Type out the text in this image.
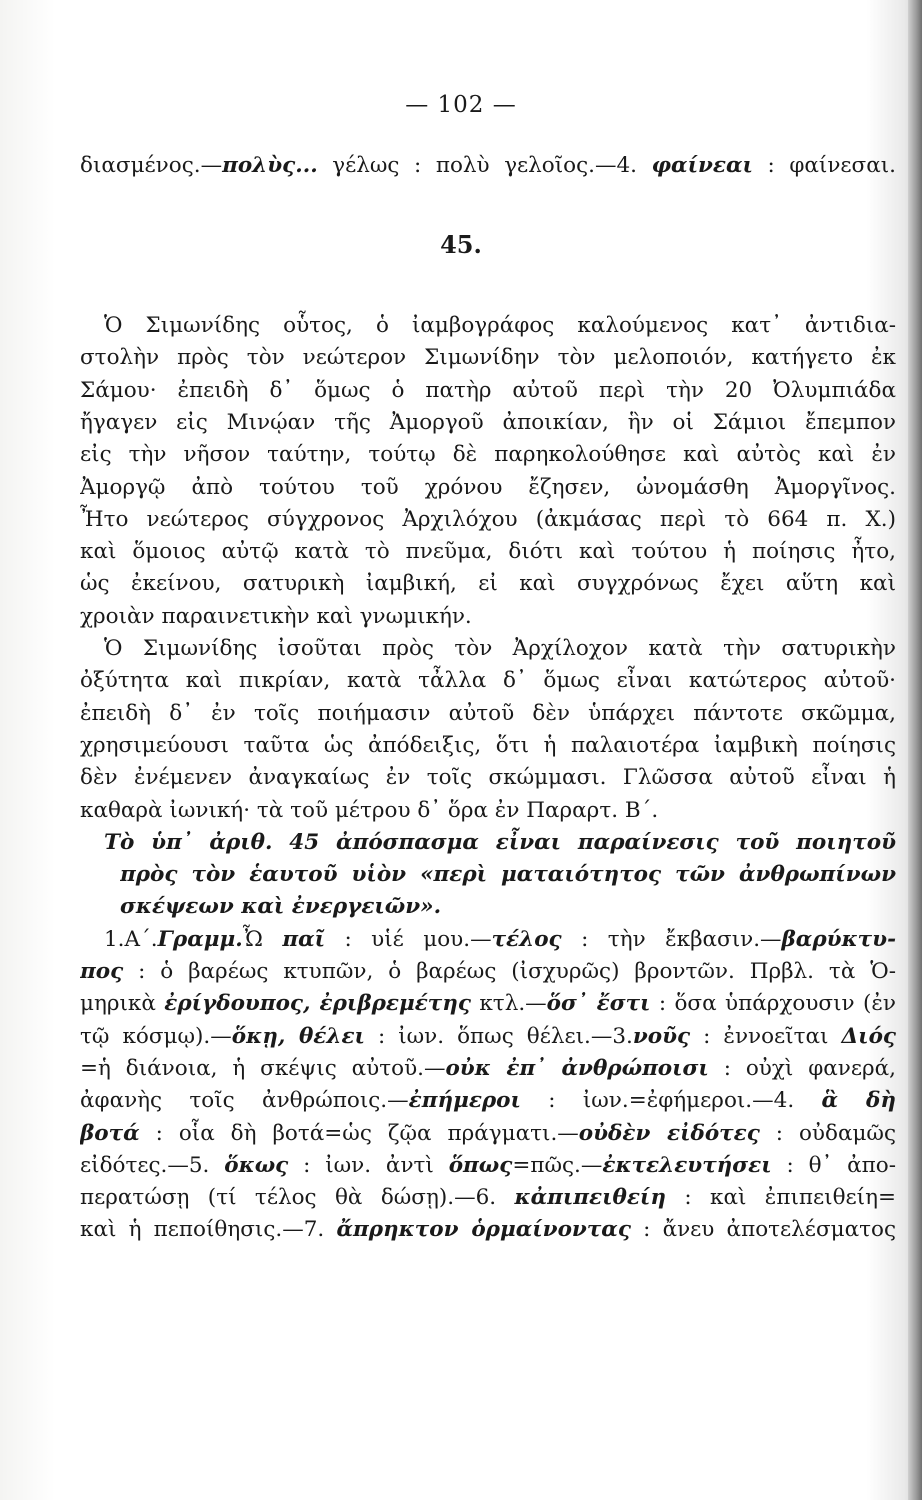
— 102 —
διασμένος.—πολὺς... γέλως : πολὺ γελοῖος.—4. φαίνεαι : φαίνεσαι.
45.
Ὁ Σιμωνίδης οὗτος, ὁ ἰαμβογράφος καλούμενος κατ᾿ ἀντιδια-
στολὴν πρὸς τὸν νεώτερον Σιμωνίδην τὸν μελοποιόν, κατήγετο ἐκ
Σάμου· ἐπειδὴ δ᾿ ὅμως ὁ πατὴρ αὐτοῦ περὶ τὴν 20 Ὀλυμπιάδα
ἤγαγεν εἰς Μινῴαν τῆς Ἀμοργοῦ ἀποικίαν, ἣν οἱ Σάμιοι ἔπεμπον
εἰς τὴν νῆσον ταύτην, τούτῳ δὲ παρηκολούθησε καὶ αὐτὸς καὶ ἐν
Ἀμοργῷ ἀπὸ τούτου τοῦ χρόνου ἔζησεν, ὠνομάσθη Ἀμοργῖνος.
Ἦτο νεώτερος σύγχρονος Ἀρχιλόχου (ἀκμάσας περὶ τὸ 664 π. Χ.)
καὶ ὅμοιος αὐτῷ κατὰ τὸ πνεῦμα, διότι καὶ τούτου ἡ ποίησις ἦτο,
ὡς ἐκείνου, σατυρικὴ ἰαμβική, εἰ καὶ συγχρόνως ἔχει αὕτη καὶ
χροιὰν παραινετικὴν καὶ γνωμικήν.
Ὁ Σιμωνίδης ἰσοῦται πρὸς τὸν Ἀρχίλοχον κατὰ τὴν σατυρικὴν
ὀξύτητα καὶ πικρίαν, κατὰ τἆλλα δ᾿ ὅμως εἶναι κατώτερος αὐτοῦ·
ἐπειδὴ δ᾿ ἐν τοῖς ποιήμασιν αὐτοῦ δὲν ὑπάρχει πάντοτε σκῶμμα,
χρησιμεύουσι ταῦτα ὡς ἀπόδειξις, ὅτι ἡ παλαιοτέρα ἰαμβικὴ ποίησις
δὲν ἐνέμενεν ἀναγκαίως ἐν τοῖς σκώμμασι. Γλῶσσα αὐτοῦ εἶναι ἡ
καθαρὰ ἰωνική· τὰ τοῦ μέτρου δ᾿ ὅρα ἐν Παραρτ. Β΄.
Τὸ ὑπ᾿ ἀριθ. 45 ἀπόσπασμα εἶναι παραίνεσις τοῦ ποιητοῦ
πρὸς τὸν ἑαυτοῦ υἱὸν «περὶ ματαιότητος τῶν ἀνθρωπίνων
σκέψεων καὶ ἐνεργειῶν».
1.Α΄.Γραμμ.Ὦ παῖ : υἱέ μου.—τέλος : τὴν ἔκβασιν.—βαρύκτυ-
πος : ὁ βαρέως κτυπῶν, ὁ βαρέως (ἰσχυρῶς) βροντῶν. Πρβλ. τὰ Ὁ-
μηρικὰ ἐρίγδουπος, ἐριβρεμέτης κτλ.—ὅσ᾿ ἔστι : ὅσα ὑπάρχουσιν (ἐν
τῷ κόσμῳ).—ὅκῃ, θέλει : ἰων. ὅπως θέλει.—3.νοῦς : ἐννοεῖται Διός
=ἡ διάνοια, ἡ σκέψις αὐτοῦ.—οὐκ ἐπ᾿ ἀνθρώποισι : οὐχὶ φανερά,
ἀφανὴς τοῖς ἀνθρώποις.—ἐπήμεροι : ἰων.=ἐφήμεροι.—4. ἃ δὴ
βοτά : οἷα δὴ βοτά=ὡς ζῷα πράγματι.—οὐδὲν εἰδότες : οὐδαμῶς
εἰδότες.—5. ὅκως : ἰων. ἀντὶ ὅπως=πῶς.—ἐκτελευτήσει : θ᾿ ἀπο-
περατώσῃ (τί τέλος θὰ δώσῃ).—6. κἀπιπειθείη : καὶ ἐπιπειθείη=
καὶ ἡ πεποίθησις.—7. ἄπρηκτον ὁρμαίνοντας : ἄνευ ἀποτελέσματος
